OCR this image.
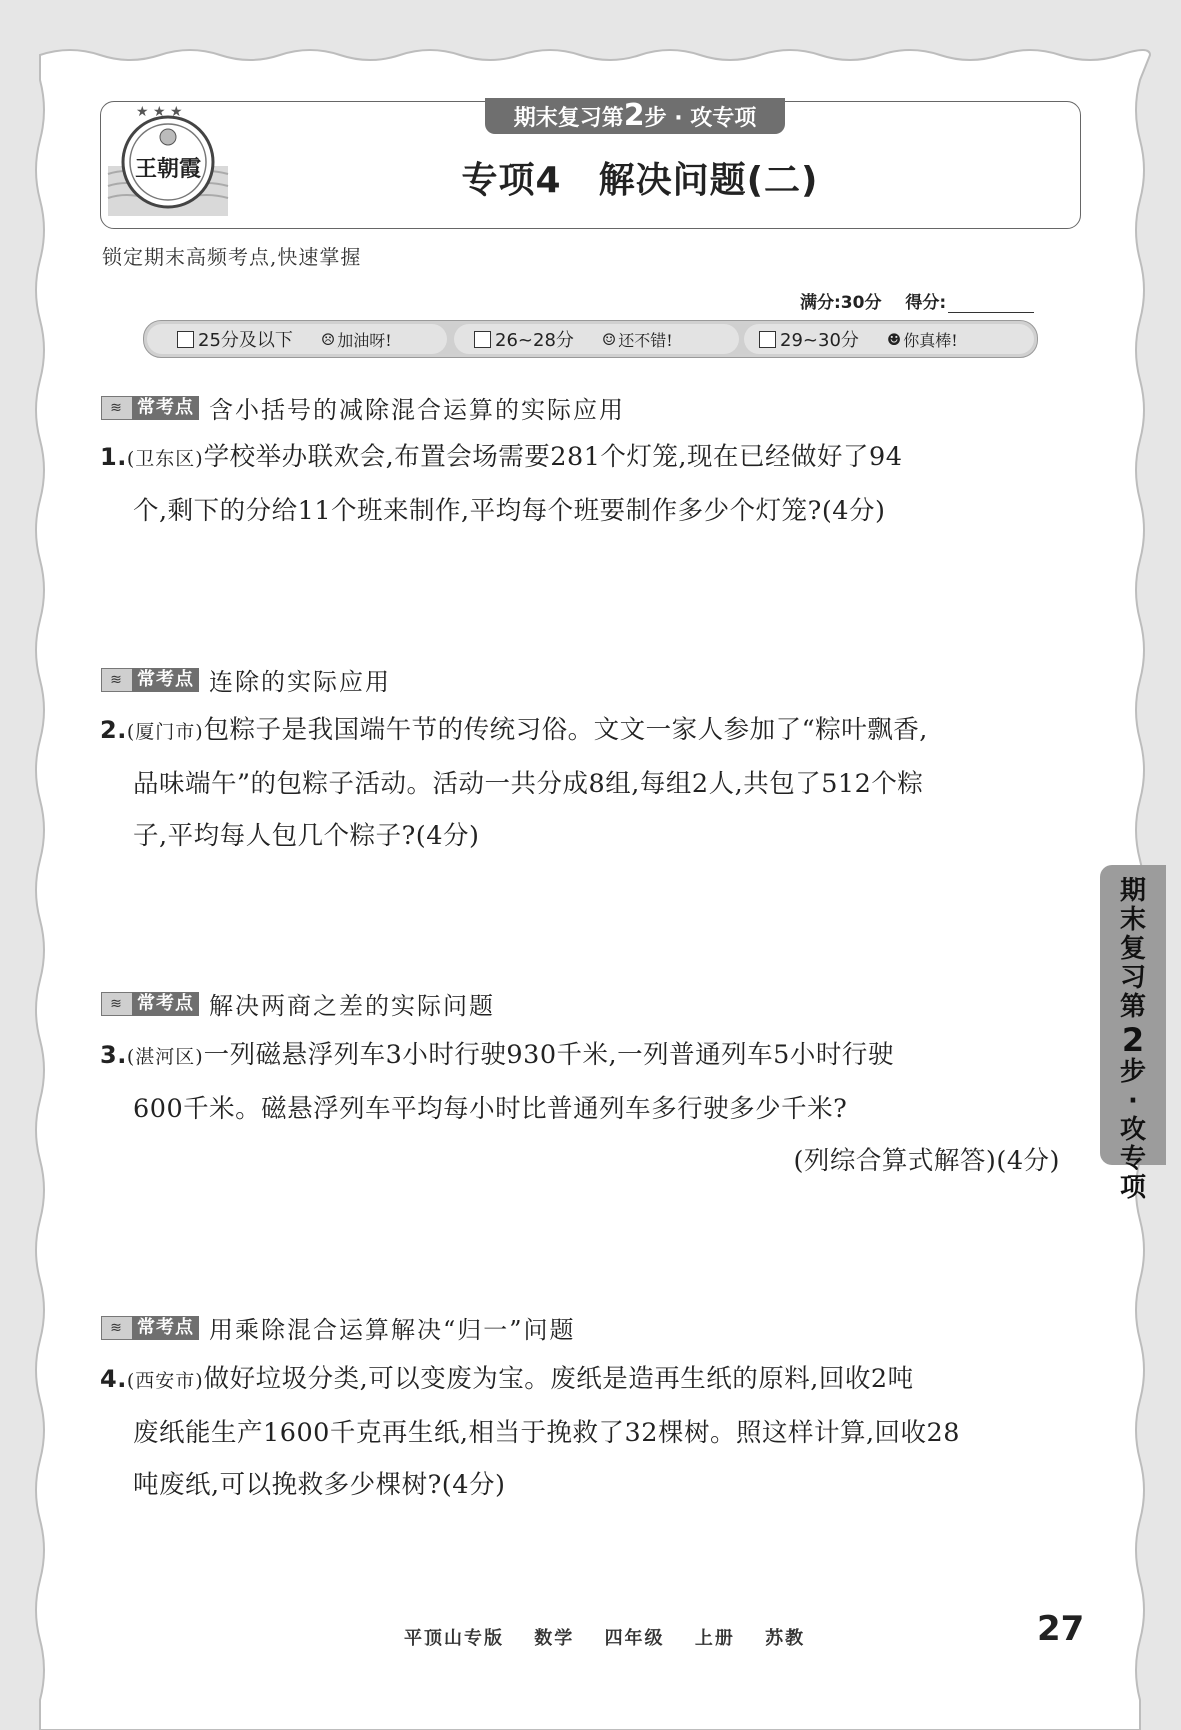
★ ★ ★
王朝霞
期末复习第2步 · 攻专项
专项4　解决问题(二)
锁定期末高频考点,快速掌握
满分:30分 得分:
25分及以下 ☹ 加油呀!	26~28分 ☺ 还不错!	29~30分 ☻ 你真棒!
≋ 常考点 含小括号的减除混合运算的实际应用
1.(卫东区)学校举办联欢会,布置会场需要281个灯笼,现在已经做好了94
个,剩下的分给11个班来制作,平均每个班要制作多少个灯笼?(4分)
≋ 常考点 连除的实际应用
2.(厦门市)包粽子是我国端午节的传统习俗。文文一家人参加了“粽叶飘香,
品味端午”的包粽子活动。活动一共分成8组,每组2人,共包了512个粽
子,平均每人包几个粽子?(4分)
≋ 常考点 解决两商之差的实际问题
3.(湛河区)一列磁悬浮列车3小时行驶930千米,一列普通列车5小时行驶
600千米。磁悬浮列车平均每小时比普通列车多行驶多少千米?
(列综合算式解答)(4分)
≋ 常考点 用乘除混合运算解决“归一”问题
4.(西安市)做好垃圾分类,可以变废为宝。废纸是造再生纸的原料,回收2吨
废纸能生产1600千克再生纸,相当于挽救了32棵树。照这样计算,回收28
吨废纸,可以挽救多少棵树?(4分)
期末复习第
2
步·攻专项
平顶山专版 数学 四年级 上册 苏教	27
